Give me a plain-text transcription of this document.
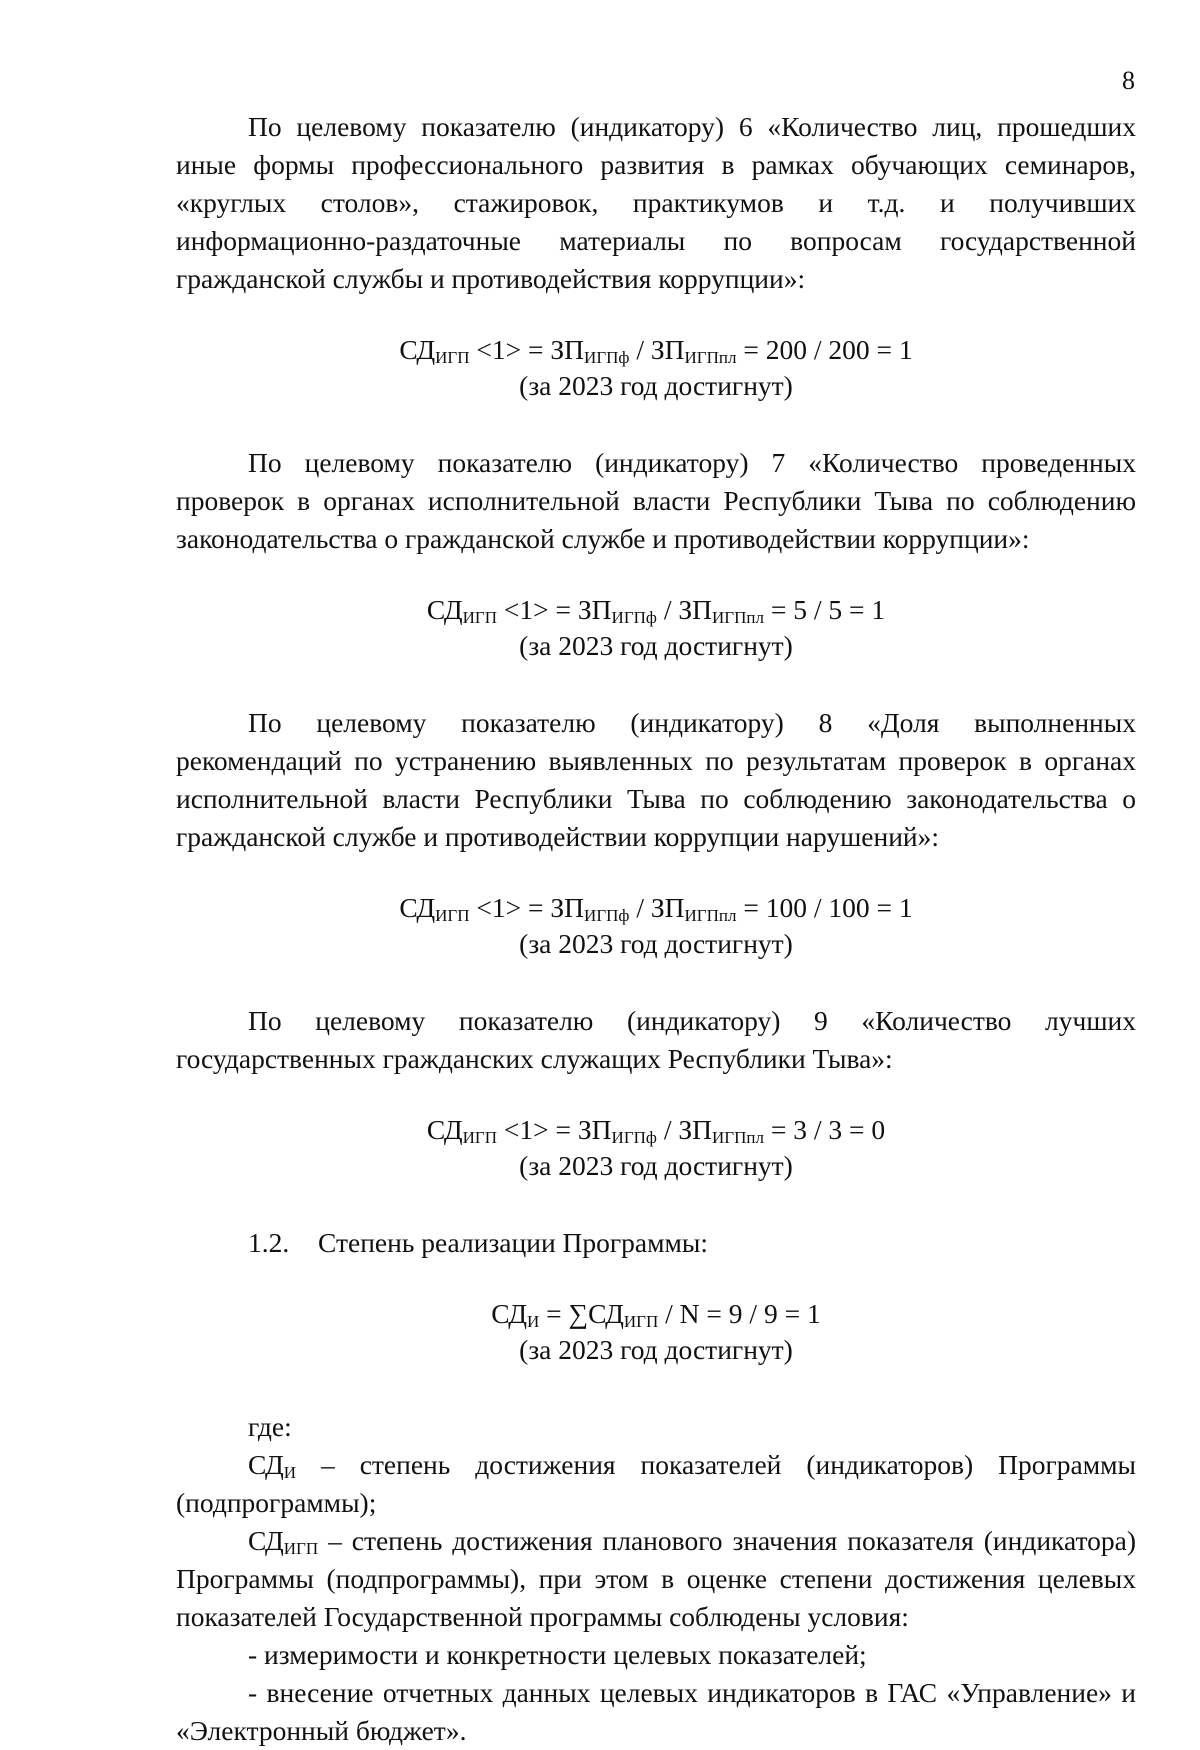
8

По целевому показателю (индикатору) 6 «Количество лиц, прошедших иные формы профессионального развития в рамках обучающих семинаров, «круглых столов», стажировок, практикумов и т.д. и получивших информационно-раздаточные материалы по вопросам государственной гражданской службы и противодействия коррупции»:

$СД_{ИГП} <1> = ЗП_{ИГПф} / ЗП_{ИГПпл} = 200 / 200 = 1$
(за 2023 год достигнут)

По целевому показателю (индикатору) 7 «Количество проведенных проверок в органах исполнительной власти Республики Тыва по соблюдению законодательства о гражданской службе и противодействии коррупции»:

$СД_{ИГП} <1> = ЗП_{ИГПф} / ЗП_{ИГПпл} = 5 / 5 = 1$
(за 2023 год достигнут)

По целевому показателю (индикатору) 8 «Доля выполненных рекомендаций по устранению выявленных по результатам проверок в органах исполнительной власти Республики Тыва по соблюдению законодательства о гражданской службе и противодействии коррупции нарушений»:

$СД_{ИГП} <1> = ЗП_{ИГПф} / ЗП_{ИГПпл} = 100 / 100 = 1$
(за 2023 год достигнут)

По целевому показателю (индикатору) 9 «Количество лучших государственных гражданских служащих Республики Тыва»:

$СД_{ИГП} <1> = ЗП_{ИГПф} / ЗП_{ИГПпл} = 3 / 3 = 0$
(за 2023 год достигнут)

1.2. Степень реализации Программы:

$СД_И = \sum СД_{ИГП} / N = 9 / 9 = 1$
(за 2023 год достигнут)

где:

$СД_И$ – степень достижения показателей (индикаторов) Программы (подпрограммы);

$СД_{ИГП}$ – степень достижения планового значения показателя (индикатора) Программы (подпрограммы), при этом в оценке степени достижения целевых показателей Государственной программы соблюдены условия:

- измеримости и конкретности целевых показателей;

- внесение отчетных данных целевых индикаторов в ГАС «Управление» и «Электронный бюджет».
